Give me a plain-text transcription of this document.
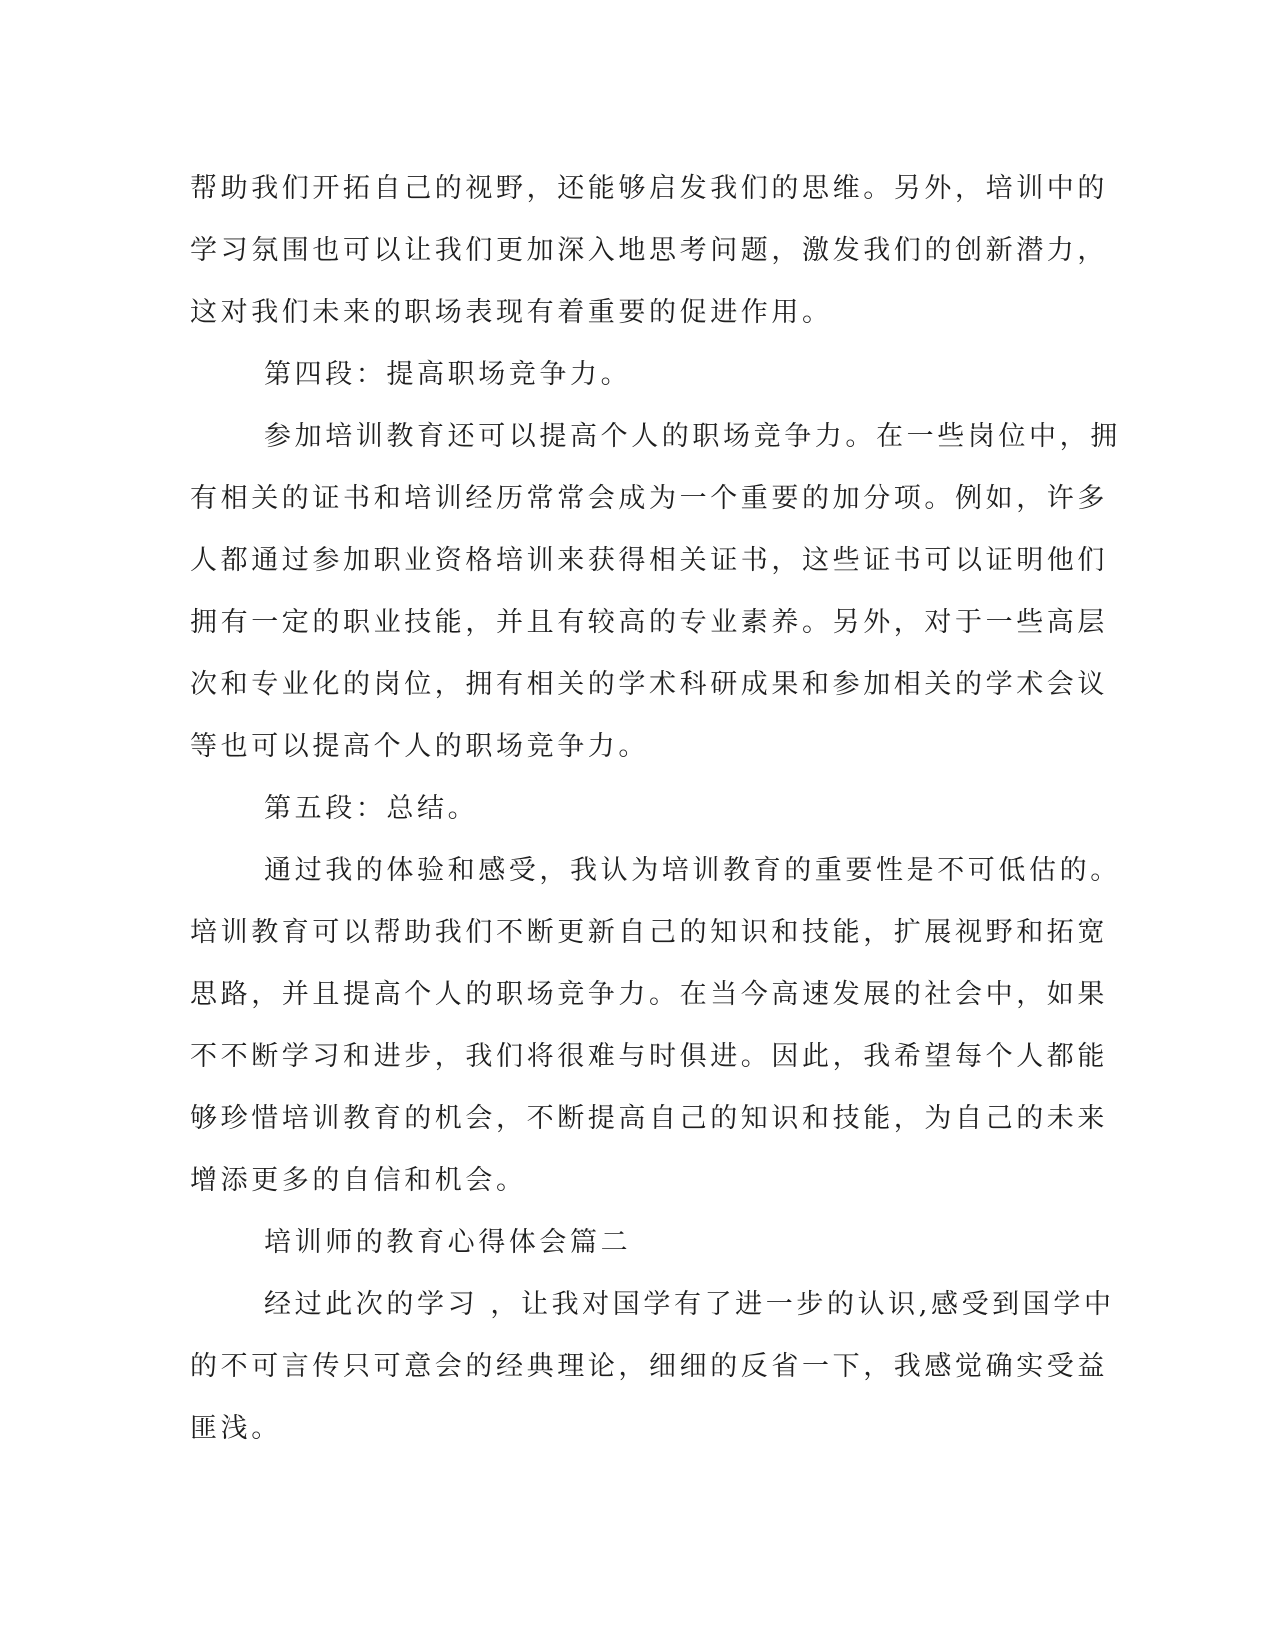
帮助我们开拓自己的视野，还能够启发我们的思维。另外，培训中的

学习氛围也可以让我们更加深入地思考问题，激发我们的创新潜力，

这对我们未来的职场表现有着重要的促进作用。

第四段：提高职场竞争力。

参加培训教育还可以提高个人的职场竞争力。在一些岗位中，拥

有相关的证书和培训经历常常会成为一个重要的加分项。例如，许多

人都通过参加职业资格培训来获得相关证书，这些证书可以证明他们

拥有一定的职业技能，并且有较高的专业素养。另外，对于一些高层

次和专业化的岗位，拥有相关的学术科研成果和参加相关的学术会议

等也可以提高个人的职场竞争力。

第五段：总结。

通过我的体验和感受，我认为培训教育的重要性是不可低估的。

培训教育可以帮助我们不断更新自己的知识和技能，扩展视野和拓宽

思路，并且提高个人的职场竞争力。在当今高速发展的社会中，如果

不不断学习和进步，我们将很难与时俱进。因此，我希望每个人都能

够珍惜培训教育的机会，不断提高自己的知识和技能，为自己的未来

增添更多的自信和机会。

培训师的教育心得体会篇二

经过此次的学习 ，让我对国学有了进一步的认识,感受到国学中

的不可言传只可意会的经典理论，细细的反省一下，我感觉确实受益

匪浅。
